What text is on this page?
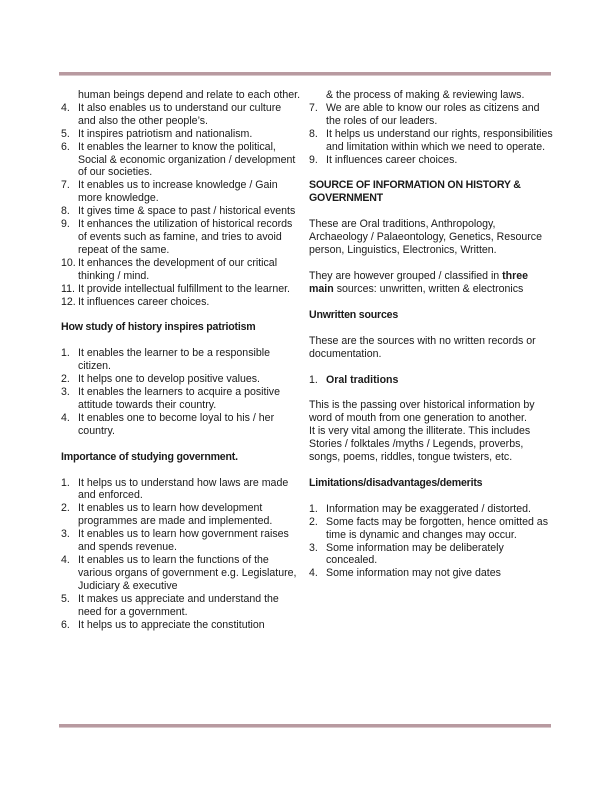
human beings depend and relate to each other.

4. It also enables us to understand our culture and also the other people’s.
5. It inspires patriotism and nationalism.
6. It enables the learner to know the political, Social & economic organization / development of our societies.
7. It enables us to increase knowledge / Gain more knowledge.
8. It gives time & space to past / historical events
9. It enhances the utilization of historical records of events such as famine, and tries to avoid repeat of the same.
10. It enhances the development of our critical thinking / mind.
11. It provide intellectual fulfillment to the learner.
12. It influences career choices.
How study of history inspires patriotism
1. It enables the learner to be a responsible citizen.
2. It helps one to develop positive values.
3. It enables the learners to acquire a positive attitude towards their country.
4. It enables one to become loyal to his / her country.
Importance of studying government.
1. It helps us to understand how laws are made and enforced.
2. It enables us to learn how development programmes are made and implemented.
3. It enables us to learn how government raises and spends revenue.
4. It enables us to learn the functions of the various organs of government e.g. Legislature, Judiciary & executive
5. It makes us appreciate and understand the need for a government.
6. It helps us to appreciate the constitution

& the process of making & reviewing laws.

7. We are able to know our roles as citizens and the roles of our leaders.
8. It helps us understand our rights, responsibilities and limitation within which we need to operate.
9. It influences career choices.
SOURCE OF INFORMATION ON HISTORY & GOVERNMENT

These are Oral traditions, Anthropology, Archaeology / Palaeontology, Genetics, Resource person, Linguistics, Electronics, Written.

They are however grouped / classified in three main sources: unwritten, written & electronics

Unwritten sources

These are the sources with no written records or documentation.

1. Oral traditions

This is the passing over historical information by word of mouth from one generation to another.

It is very vital among the illiterate. This includes Stories / folktales /myths / Legends, proverbs, songs, poems, riddles, tongue twisters, etc.

Limitations/disadvantages/demerits
1. Information may be exaggerated / distorted.
2. Some facts may be forgotten, hence omitted as time is dynamic and changes may occur.
3. Some information may be deliberately concealed.
4. Some information may not give dates
